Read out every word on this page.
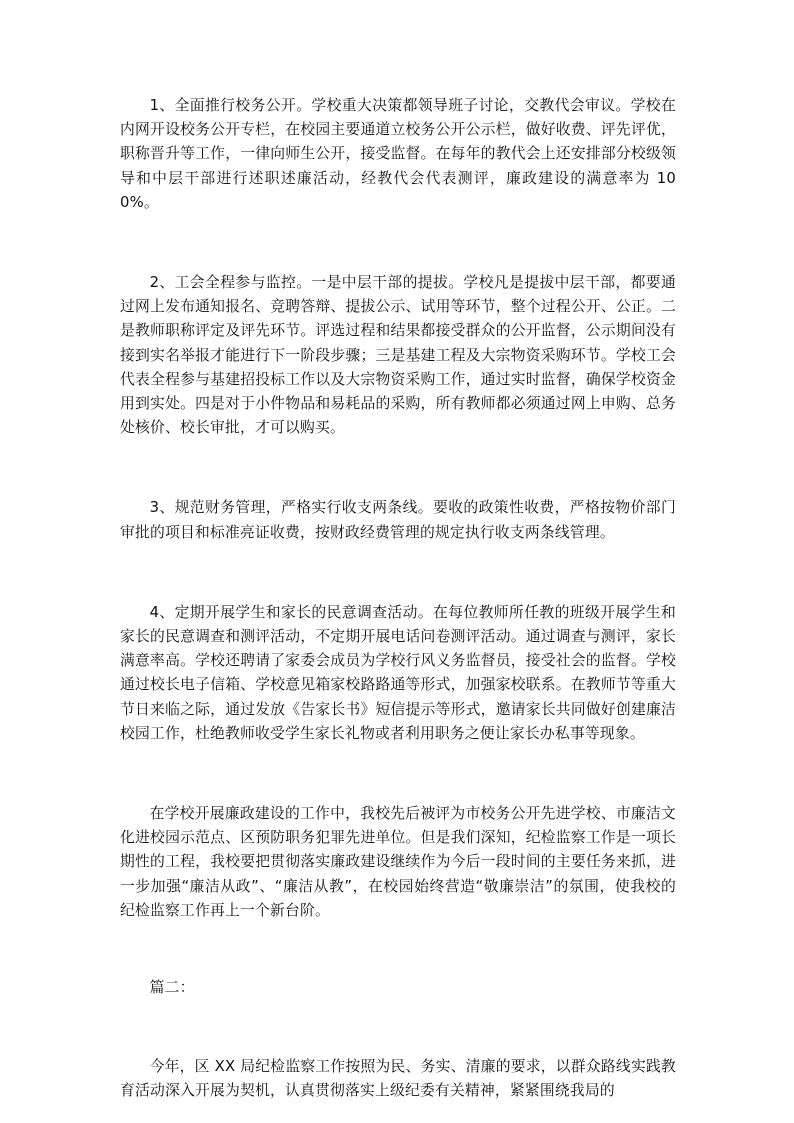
1、全面推行校务公开。学校重大决策都领导班子讨论，交教代会审议。学校在内网开设校务公开专栏，在校园主要通道立校务公开公示栏，做好收费、评先评优，职称晋升等工作，一律向师生公开，接受监督。在每年的教代会上还安排部分校级领导和中层干部进行述职述廉活动，经教代会代表测评，廉政建设的满意率为 100%。

2、工会全程参与监控。一是中层干部的提拔。学校凡是提拔中层干部，都要通过网上发布通知报名、竞聘答辩、提拔公示、试用等环节，整个过程公开、公正。二是教师职称评定及评先环节。评选过程和结果都接受群众的公开监督，公示期间没有接到实名举报才能进行下一阶段步骤；三是基建工程及大宗物资采购环节。学校工会代表全程参与基建招投标工作以及大宗物资采购工作，通过实时监督，确保学校资金用到实处。四是对于小件物品和易耗品的采购，所有教师都必须通过网上申购、总务处核价、校长审批，才可以购买。

3、规范财务管理，严格实行收支两条线。要收的政策性收费，严格按物价部门审批的项目和标准亮证收费，按财政经费管理的规定执行收支两条线管理。

4、定期开展学生和家长的民意调查活动。在每位教师所任教的班级开展学生和家长的民意调查和测评活动，不定期开展电话问卷测评活动。通过调查与测评，家长满意率高。学校还聘请了家委会成员为学校行风义务监督员，接受社会的监督。学校通过校长电子信箱、学校意见箱家校路路通等形式，加强家校联系。在教师节等重大节日来临之际，通过发放《告家长书》短信提示等形式，邀请家长共同做好创建廉洁校园工作，杜绝教师收受学生家长礼物或者利用职务之便让家长办私事等现象。

在学校开展廉政建设的工作中，我校先后被评为市校务公开先进学校、市廉洁文化进校园示范点、区预防职务犯罪先进单位。但是我们深知，纪检监察工作是一项长期性的工程，我校要把贯彻落实廉政建设继续作为今后一段时间的主要任务来抓，进一步加强“廉洁从政”、“廉洁从教”，在校园始终营造“敬廉崇洁”的氛围，使我校的纪检监察工作再上一个新台阶。

篇二：

今年，区 XX 局纪检监察工作按照为民、务实、清廉的要求，以群众路线实践教育活动深入开展为契机，认真贯彻落实上级纪委有关精神，紧紧围绕我局的
